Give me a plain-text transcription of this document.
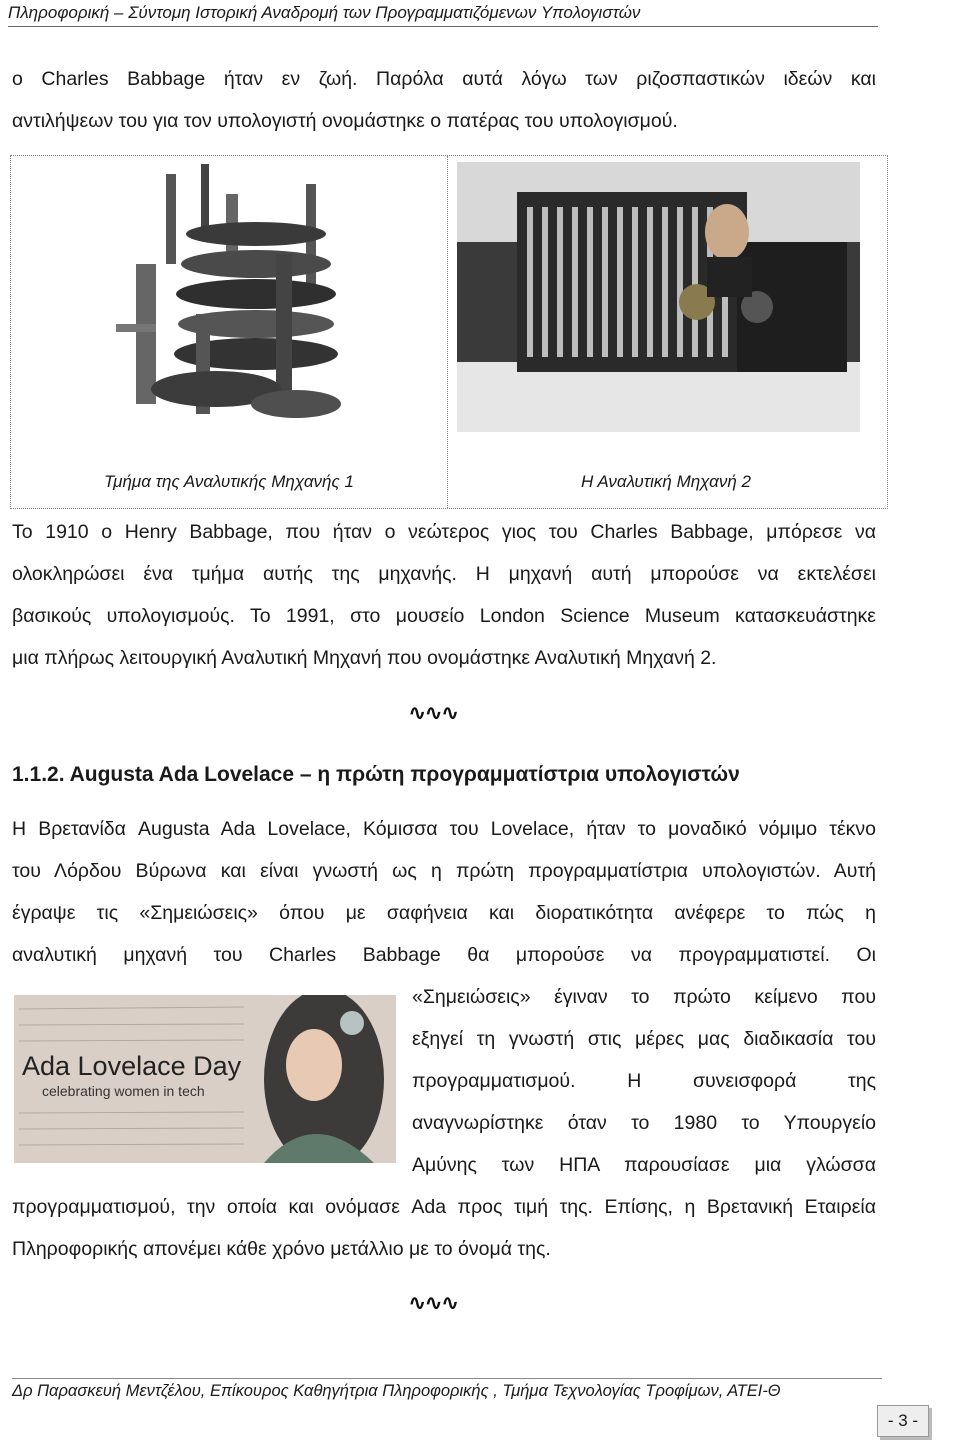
Πληροφορική – Σύντομη Ιστορική Αναδρομή των Προγραμματιζόμενων Υπολογιστών
ο Charles Babbage ήταν εν ζωή. Παρόλα αυτά λόγω των ριζοσπαστικών ιδεών και
αντιλήψεων του για τον υπολογιστή ονομάστηκε ο πατέρας του υπολογισμού.
Τμήμα της Αναλυτικής Μηχανής 1	Η Αναλυτική Μηχανή 2
Το 1910 ο Henry Babbage, που ήταν ο νεώτερος γιος του Charles Babbage, μπόρεσε να
ολοκληρώσει ένα τμήμα αυτής της μηχανής. Η μηχανή αυτή μπορούσε να εκτελέσει
βασικούς υπολογισμούς. Το 1991, στο μουσείο London Science Museum κατασκευάστηκε
μια πλήρως λειτουργική Αναλυτική Μηχανή που ονομάστηκε Αναλυτική Μηχανή 2.
∿∿∿
1.1.2. Augusta Ada Lovelace – η πρώτη προγραμματίστρια υπολογιστών
Η Βρετανίδα Augusta Ada Lovelace, Κόμισσα του Lovelace, ήταν το μοναδικό νόμιμο τέκνο
του Λόρδου Βύρωνα και είναι γνωστή ως η πρώτη προγραμματίστρια υπολογιστών. Αυτή
έγραψε τις «Σημειώσεις» όπου με σαφήνεια και διορατικότητα ανέφερε το πώς η
αναλυτική μηχανή του Charles Babbage θα μπορούσε να προγραμματιστεί. Οι
Ada Lovelace Day
celebrating women in tech
«Σημειώσεις» έγιναν το πρώτο κείμενο που
εξηγεί τη γνωστή στις μέρες μας διαδικασία του
προγραμματισμού. Η συνεισφορά της
αναγνωρίστηκε όταν το 1980 το Υπουργείο
Αμύνης των ΗΠΑ παρουσίασε μια γλώσσα
προγραμματισμού, την οποία και ονόμασε Ada προς τιμή της. Επίσης, η Βρετανική Εταιρεία
Πληροφορικής απονέμει κάθε χρόνο μετάλλιο με το όνομά της.
∿∿∿
Δρ Παρασκευή Μεντζέλου, Επίκουρος Καθηγήτρια Πληροφορικής , Τμήμα Τεχνολογίας Τροφίμων, ΑΤΕΙ-Θ
- 3 -
